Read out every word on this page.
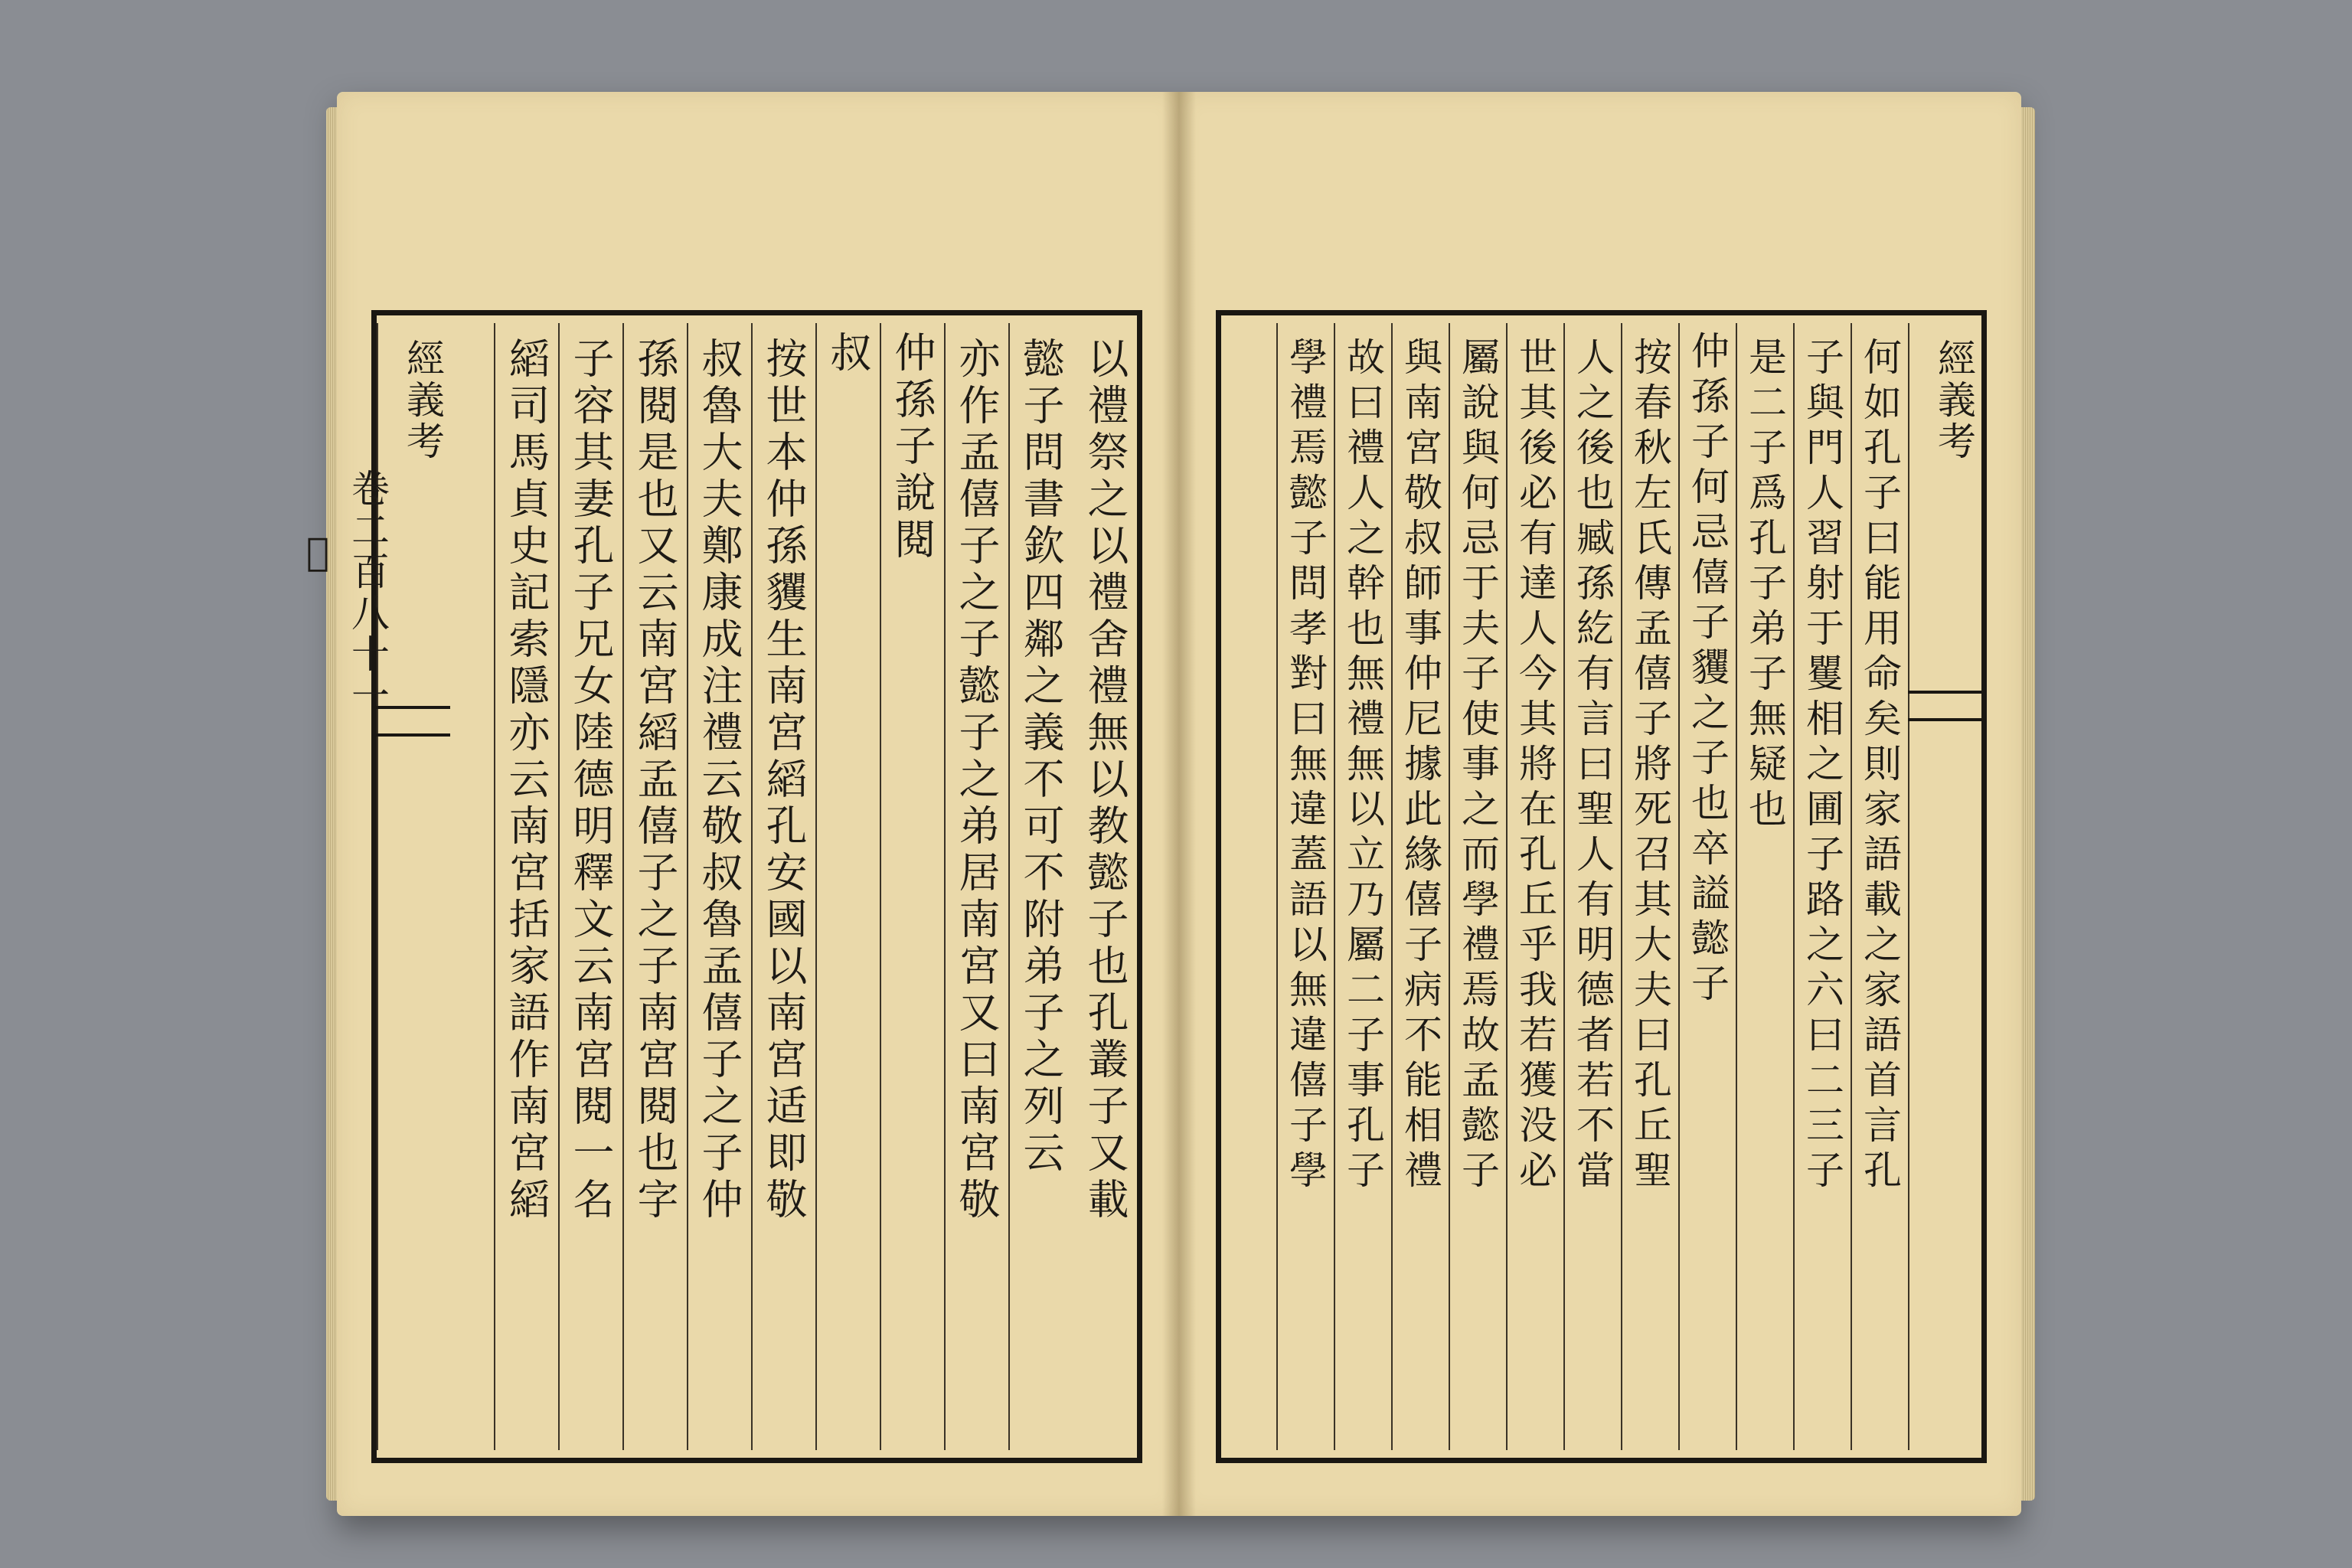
經義考
卷二百八十一
𠕀	以禮祭之以禮舍禮無以教懿子也孔叢子又載
懿子問書欽四鄰之義不可不附弟子之列云
亦作孟僖子之子懿子之弟居南宮又曰南宮敬
仲孫子說閱
叔
按世本仲孫貜生南宮縚孔安國以南宮适即敬
叔魯大夫鄭康成注禮云敬叔魯孟僖子之子仲
孫閱是也又云南宮縚孟僖子之子南宮閱也字
子容其妻孔子兄女陸德明釋文云南宮閱一名
縚司馬貞史記索隱亦云南宮括家語作南宮縚	經義考
何如孔子曰能用命矣則家語載之家語首言孔
子與門人習射于矍相之圃子路之六曰二三子
是二子爲孔子弟子無疑也
仲孫子何忌僖子貜之子也卒謚懿子
按春秋左氏傳孟僖子將死召其大夫曰孔丘聖
人之後也臧孫紇有言曰聖人有明德者若不當
世其後必有達人今其將在孔丘乎我若獲没必
屬說與何忌于夫子使事之而學禮焉故孟懿子
與南宮敬叔師事仲尼據此緣僖子病不能相禮
故曰禮人之幹也無禮無以立乃屬二子事孔子
學禮焉懿子問孝對曰無違蓋語以無違僖子學
